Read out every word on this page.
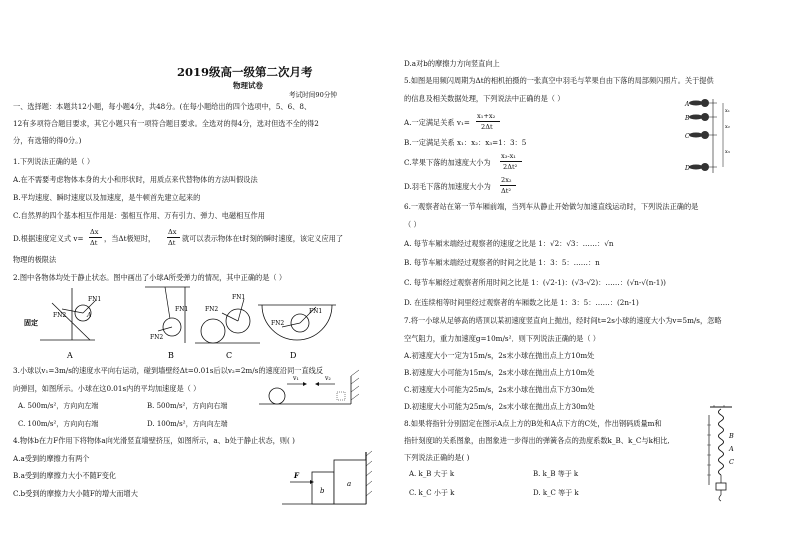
2019级高一级第二次月考
物理试卷
考试时间90分钟
一、选择题：本题共12小题，每小题4分，共48分。(在每小题给出的四个选项中，5、6、8、
12有多项符合题目要求，其它小题只有一项符合题目要求。全选对的得4分，选对但选不全的得2
分，有选错的得0分。)
1.下列说法正确的是（ ）
A.在不需要考虑物体本身的大小和形状时，用质点来代替物体的方法叫假设法
B.平均速度、瞬时速度以及加速度，是牛顿首先建立起来的
C.自然界的四个基本相互作用是：强相互作用、万有引力、弹力、电磁相互作用
D.根据速度定义式 v=
Δx
Δt ，当Δt极短时，
Δx
Δt 就可以表示物体在t时刻的瞬时速度，该定义应用了
物理的极限法
2.图中各物体均处于静止状态。图中画出了小球A所受弹力的情况，其中正确的是（ ）
固定
FN1
FN2	A
A
FN2
FN1
B
FN2
FN1
C
FN2
FN1
D
3.小球以v₁=3m/s的速度水平向右运动，碰到墙壁经Δt=0.01s后以v₂=2m/s的速度沿同一直线反
向弹回，如图所示。小球在这0.01s内的平均加速度是（ ）
A. 500m/s²，方向向左端	B. 500m/s²，方向向右端
C. 100m/s²，方向向右端	D. 100m/s²，方向向左端
v₁	v₂
4.物体b在力F作用下将物体a向光滑竖直墙壁挤压，如图所示，a、b处于静止状态，则( )
A.a受到的摩擦力有两个
B.a受到的摩擦力大小不随F变化
C.b受到的摩擦力大小随F的增大而增大
F
b
a
D.a对b的摩擦力方向竖直向上
5.如图是用频闪周期为Δt的相机拍摄的一张真空中羽毛与苹果自由下落的局部频闪照片。关于提供
的信息及相关数据处理，下列说法中正确的是（ ）
A.一定满足关系 v₁=
x₁+x₂
2Δt
B.一定满足关系 x₁：x₂：x₃=1：3：5
C.苹果下落的加速度大小为
x₃-x₁
2Δt²
D.羽毛下落的加速度大小为
2x₂
Δt²
A
B
C
D
x₁
x₂
x₃
6.一观察者站在第一节车厢前端，当列车从静止开始做匀加速直线运动时，下列说法正确的是
（ ）
A. 每节车厢末端经过观察者的速度之比是 1：√2：√3：……：√n
B. 每节车厢末端经过观察者的时间之比是 1：3：5：……：n
C. 每节车厢经过观察者所用时间之比是 1：(√2-1)：(√3-√2)：……：(√n-√(n-1))
D. 在连续相等时间里经过观察者的车厢数之比是 1：3：5：……：(2n-1)
7.将一小球从足够高的塔顶以某初速度竖直向上抛出，经时间t=2s小球的速度大小为v=5m/s，忽略
空气阻力，重力加速度g=10m/s²．则下列说法正确的是（ ）
A.初速度大小一定为15m/s，2s末小球在抛出点上方10m处
B.初速度大小可能为15m/s，2s末小球在抛出点上方10m处
C.初速度大小可能为25m/s，2s末小球在抛出点下方30m处
D.初速度大小可能为25m/s，2s末小球在抛出点上方30m处
8.如果将指针分别固定在图示A点上方的B处和A点下方的C处，作出钢码质量m和
指针刻度l的关系图象，由图象进一步得出的弹簧各点的劲度系数k_B、k_C与k相比,
下列说法正确的是( )
A. k_B 大于 k	B. k_B 等于 k
C. k_C 小于 k	D. k_C 等于 k
B
A
C
